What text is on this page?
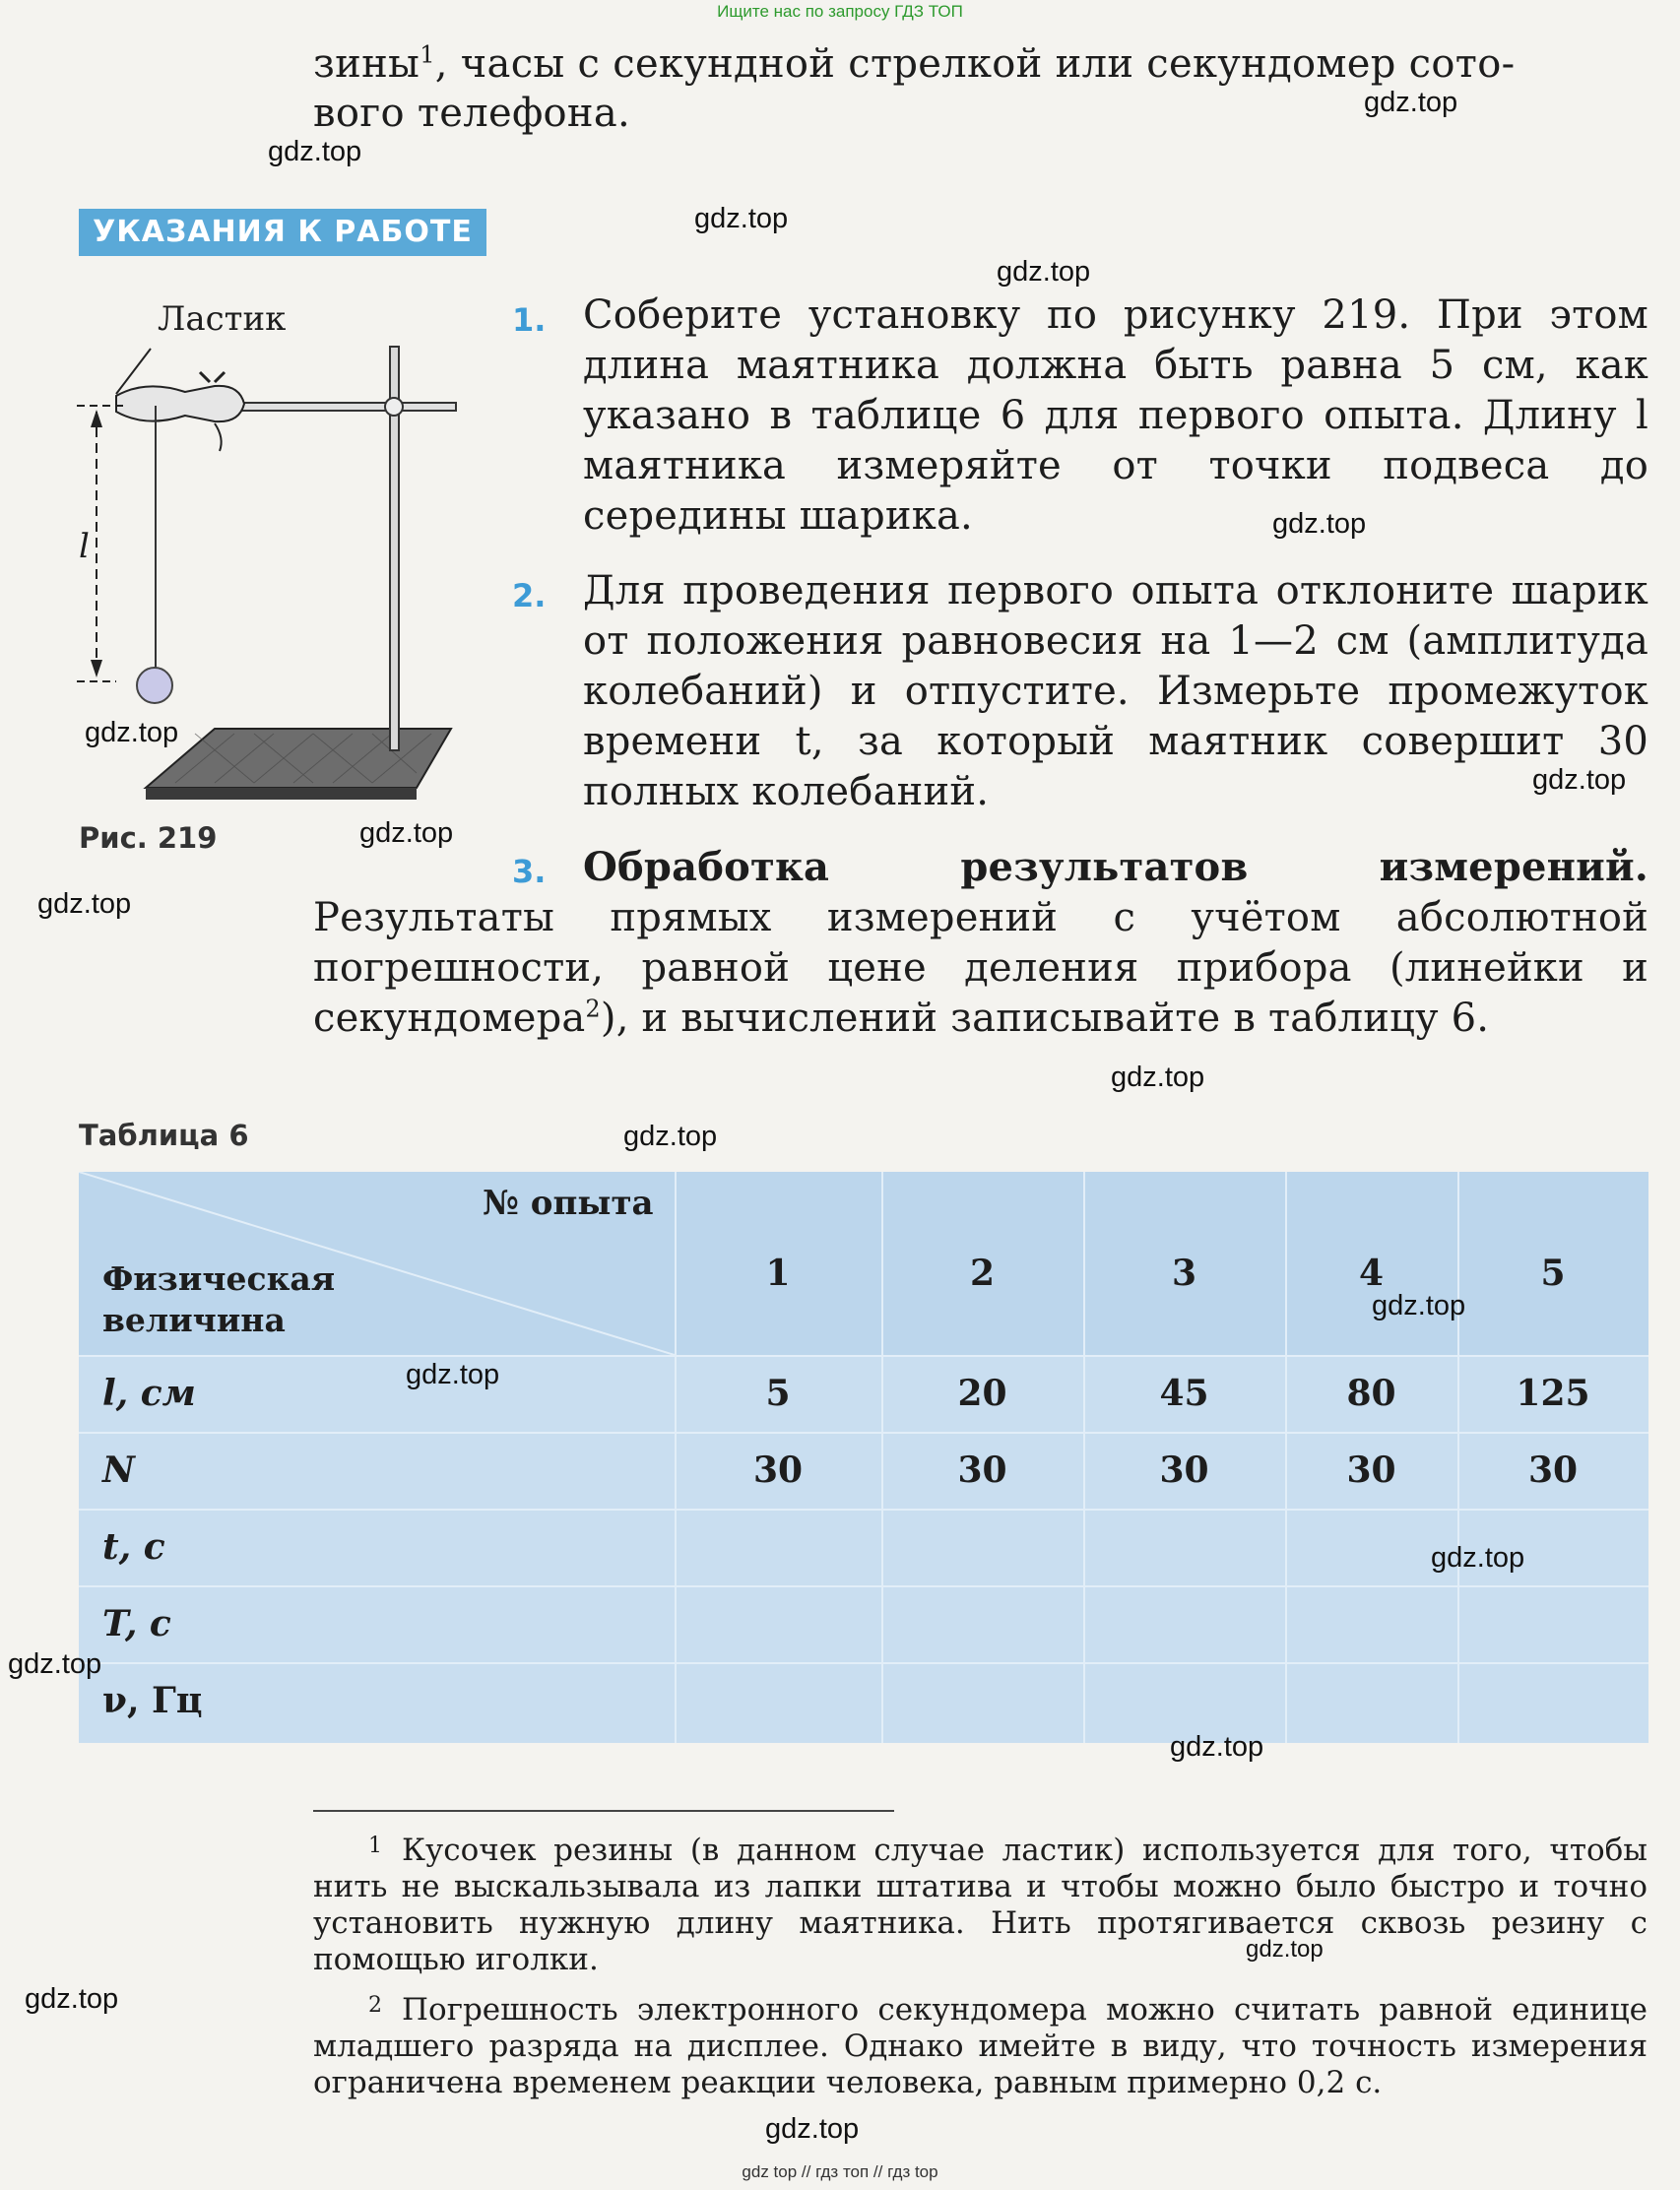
Ищите нас по запросу ГДЗ ТОП
зины$^1$, часы с секундной стрелкой или секундомер сото-
вого телефона.
УКАЗАНИЯ К РАБОТЕ
Ластик
l
Рис. 219
1. Соберите установку по рисунку 219. При этом длина маятника должна быть равна 5 см, как указано в таблице 6 для первого опыта. Длину l маятника измеряйте от точки подвеса до середины шарика.
2. Для проведения первого опыта отклоните шарик от положения равновесия на 1—2 см (амплитуда колебаний) и отпустите. Измерьте промежуток времени t, за который маятник совершит 30 полных колебаний.
3. Обработка результатов измерений. Результаты прямых измерений с учётом абсолютной погрешности, равной цене деления прибора (линейки и секундомера$^2$), и вычислений записывайте в таблицу 6.
Таблица 6
№ опыта
Физическая
величина
1	2	3	4	5
l, см	5	20	45	80	125
N	30	30	30	30	30
t, с
T, с
ν, Гц
$^1$ Кусочек резины (в данном случае ластик) используется для того, чтобы нить не выскальзывала из лапки штатива и чтобы можно было быстро и точно установить нужную длину маятника. Нить протягивается сквозь резину с помощью иголки.
$^2$ Погрешность электронного секундомера можно считать равной единице младшего разряда на дисплее. Однако имейте в виду, что точность измерения ограничена временем реакции человека, равным примерно 0,2 с.
gdz.top
gdz.top
gdz.top
gdz.top
gdz.top
gdz.top
gdz.top
gdz.top
gdz.top
gdz.top
gdz.top
gdz.top
gdz.top
gdz.top
gdz.top
gdz.top
gdz.top
gdz.top
gdz.top
gdz top // гдз топ // гдз top
